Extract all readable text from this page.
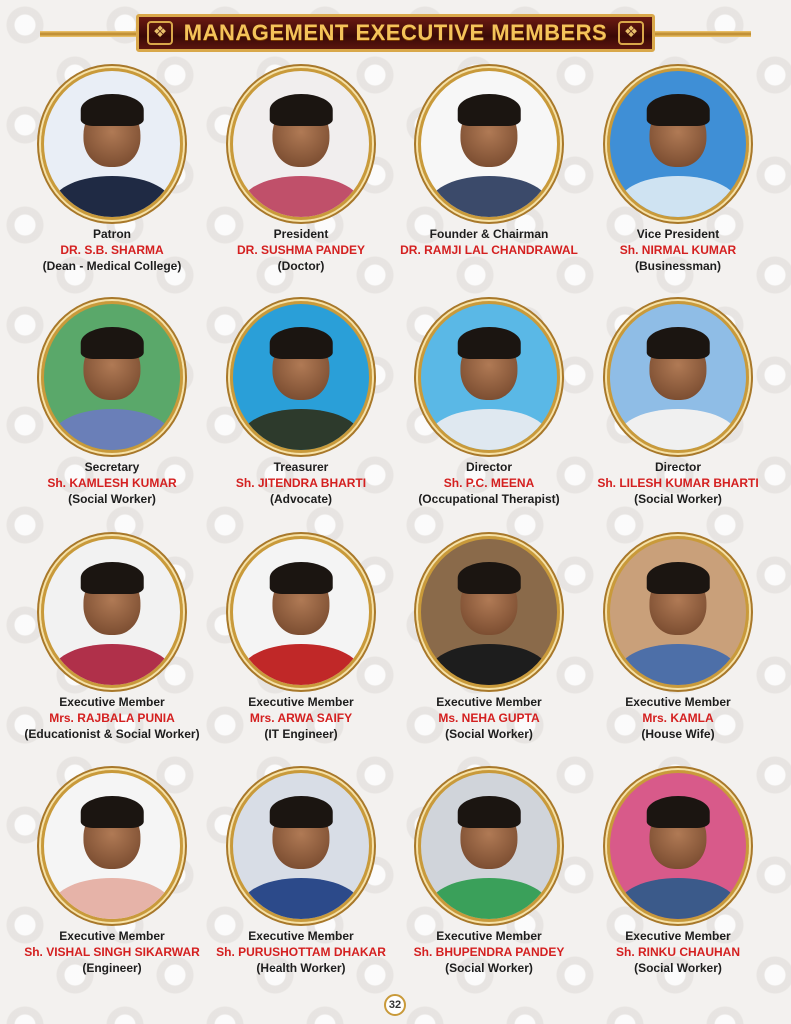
❖ MANAGEMENT EXECUTIVE MEMBERS	❖
Patron
DR. S.B. SHARMA
(Dean - Medical College)
President
DR. SUSHMA PANDEY
(Doctor)
Founder & Chairman
DR. RAMJI LAL CHANDRAWAL
Vice President
Sh. NIRMAL KUMAR
(Businessman)
Secretary
Sh. KAMLESH KUMAR
(Social Worker)
Treasurer
Sh. JITENDRA BHARTI
(Advocate)
Director
Sh. P.C. MEENA
(Occupational Therapist)
Director
Sh. LILESH KUMAR BHARTI
(Social Worker)
Executive Member
Mrs. RAJBALA PUNIA
(Educationist & Social Worker)
Executive Member
Mrs. ARWA SAIFY
(IT Engineer)
Executive Member
Ms. NEHA GUPTA
(Social Worker)
Executive Member
Mrs. KAMLA
(House Wife)
Executive Member
Sh. VISHAL SINGH SIKARWAR
(Engineer)
Executive Member
Sh. PURUSHOTTAM DHAKAR
(Health Worker)
Executive Member
Sh. BHUPENDRA PANDEY
(Social Worker)
Executive Member
Sh. RINKU CHAUHAN
(Social Worker)
32
